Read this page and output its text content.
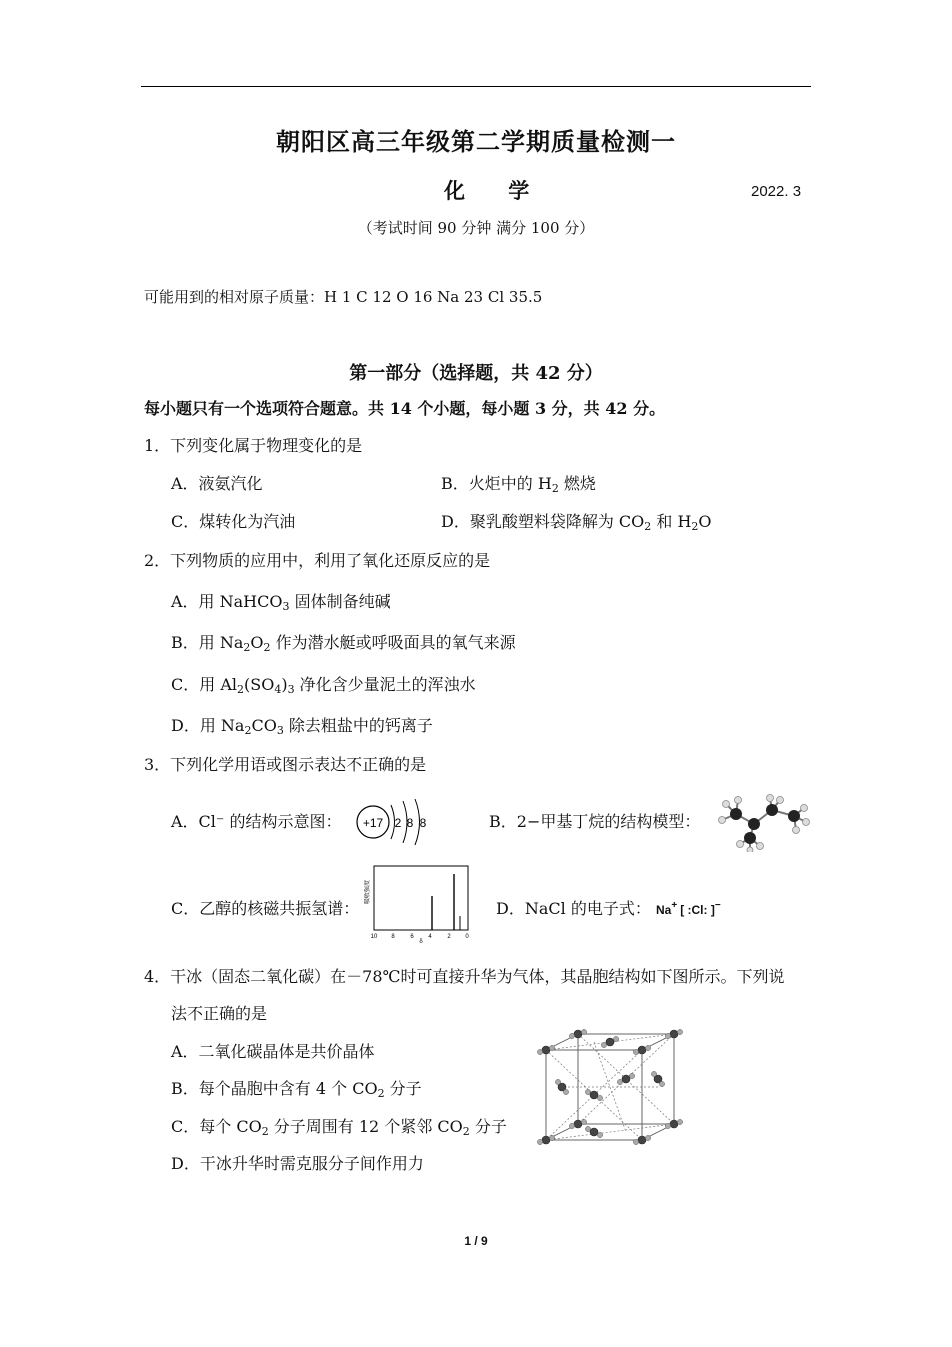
朝阳区高三年级第二学期质量检测一
化 学	2022. 3
（考试时间 90 分钟 满分 100 分）
可能用到的相对原子质量：H 1 C 12 O 16 Na 23 Cl 35.5
第一部分（选择题，共 42 分）
每小题只有一个选项符合题意。共 14 个小题，每小题 3 分，共 42 分。
1．下列变化属于物理变化的是
A．液氨汽化	B．火炬中的 $H_2$ 燃烧
C．煤转化为汽油	D．聚乳酸塑料袋降解为 $CO_2$ 和 $H_2O$
2．下列物质的应用中，利用了氧化还原反应的是
A．用 NaHCO$_3$ 固体制备纯碱
B．用 $Na_2O_2$ 作为潜水艇或呼吸面具的氧气来源
C．用 $Al_2(SO_4)_3$ 净化含少量泥土的浑浊水
D．用 $Na_2CO_3$ 除去粗盐中的钙离子
3．下列化学用语或图示表达不正确的是
A．Cl⁻ 的结构示意图： +17 2 8 8	B．2−甲基丁烷的结构模型：
C．乙醇的核磁共振氢谱：
吸收强度
10 8	6 4	2 0
δ
D．NaCl 的电子式： Na+ [ :Cl: ]−
4．干冰（固态二氧化碳）在－78℃时可直接升华为气体，其晶胞结构如下图所示。下列说
法不正确的是
A．二氧化碳晶体是共价晶体
B．每个晶胞中含有 4 个 $CO_2$ 分子
C．每个 $CO_2$ 分子周围有 12 个紧邻 $CO_2$ 分子
D．干冰升华时需克服分子间作用力
1 / 9
